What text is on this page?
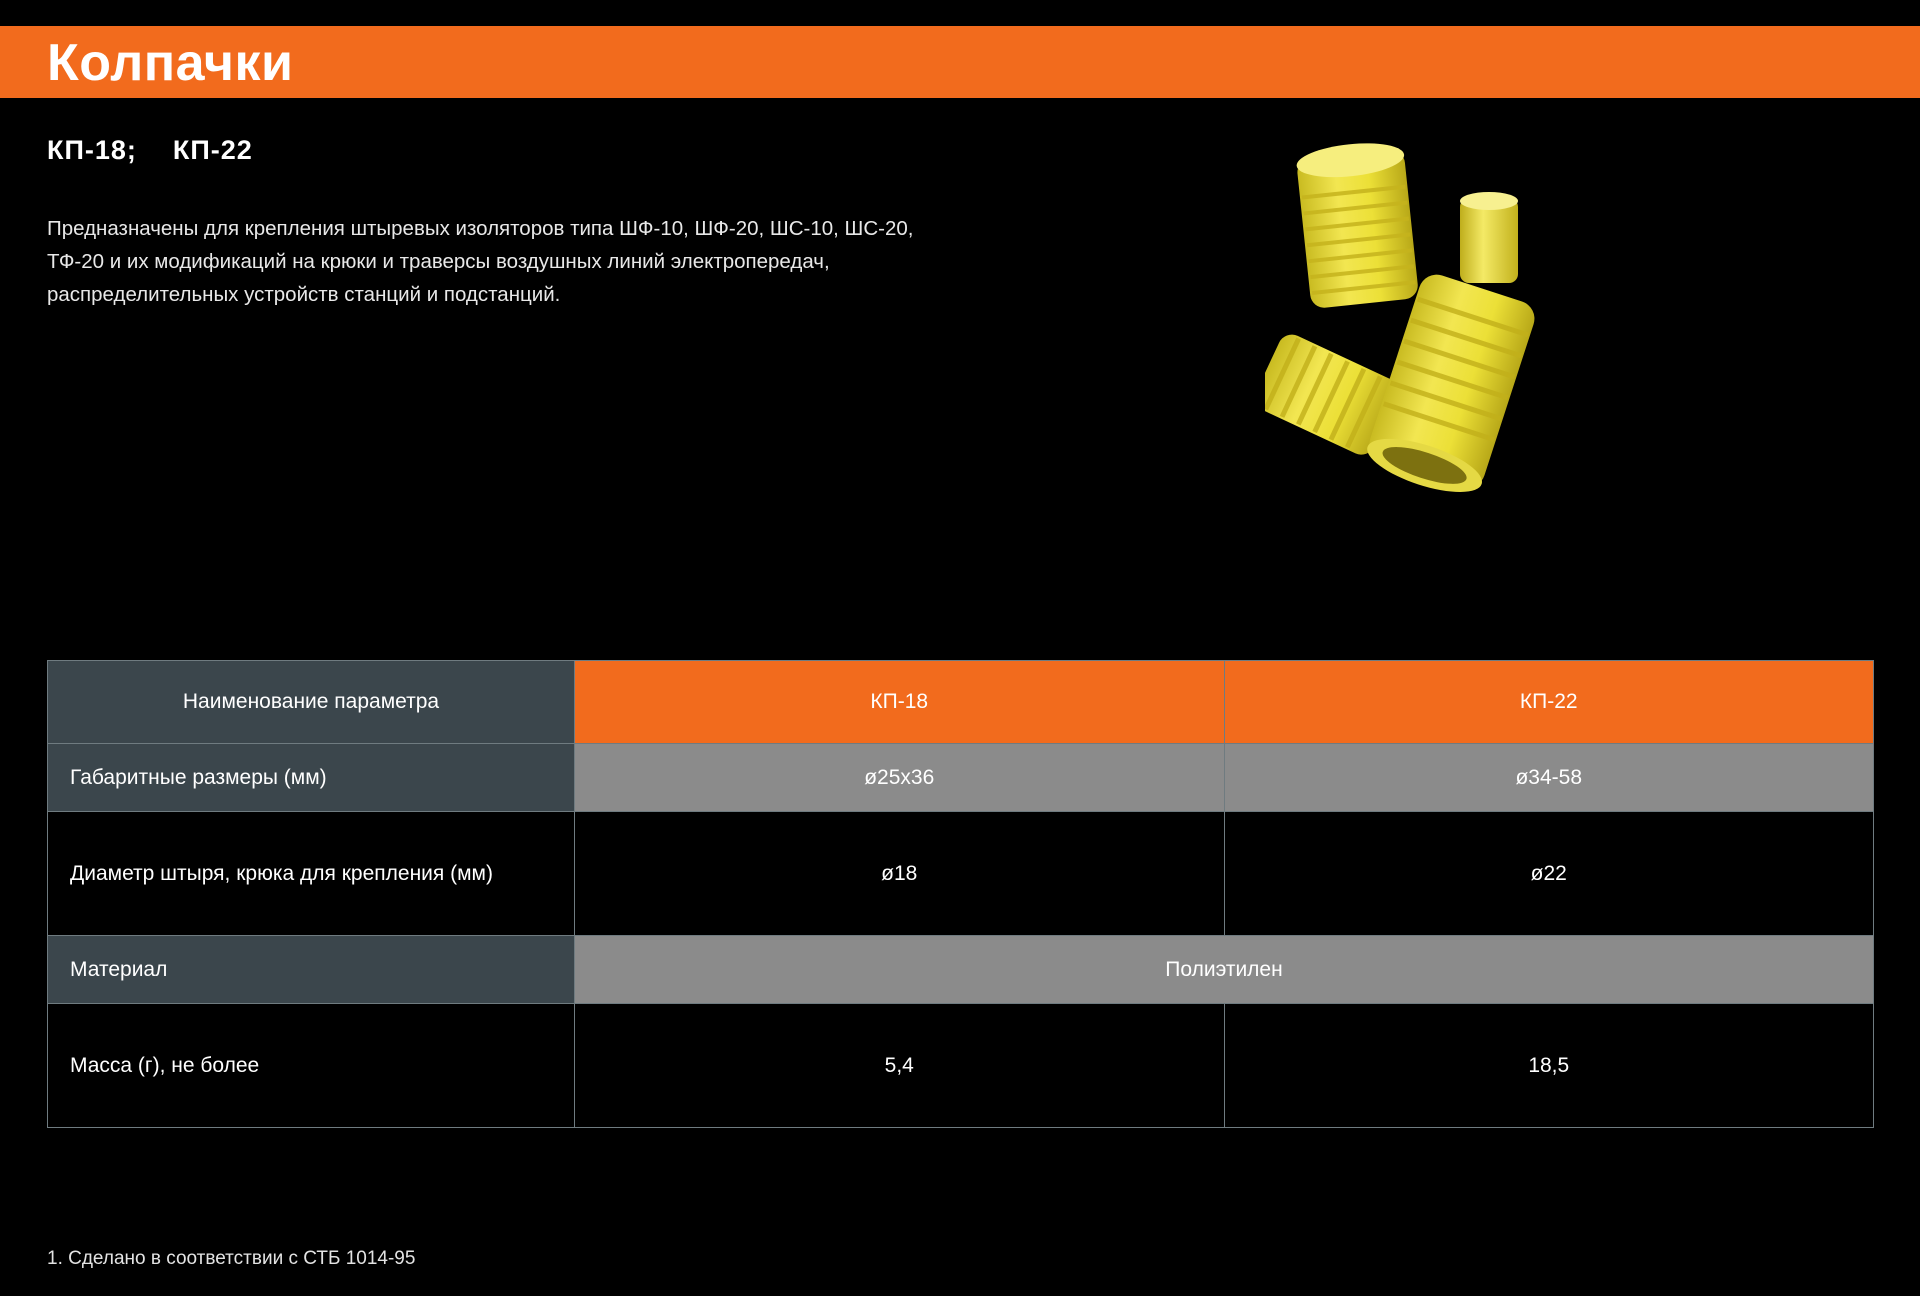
Колпачки
КП-18; КП-22
Предназначены для крепления штыревых изоляторов типа ШФ-10, ШФ-20, ШС-10, ШС-20, ТФ-20 и их модификаций на крюки и траверсы воздушных линий электропередач, распределительных устройств станций и подстанций.
Наименование параметра	КП-18	КП-22
Габаритные размеры (мм)	ø25х36	ø34-58
Диаметр штыря, крюка для крепления (мм)	ø18	ø22
Материал	Полиэтилен	
Масса (г), не более	5,4	18,5
1. Сделано в соответствии с СТБ 1014-95
